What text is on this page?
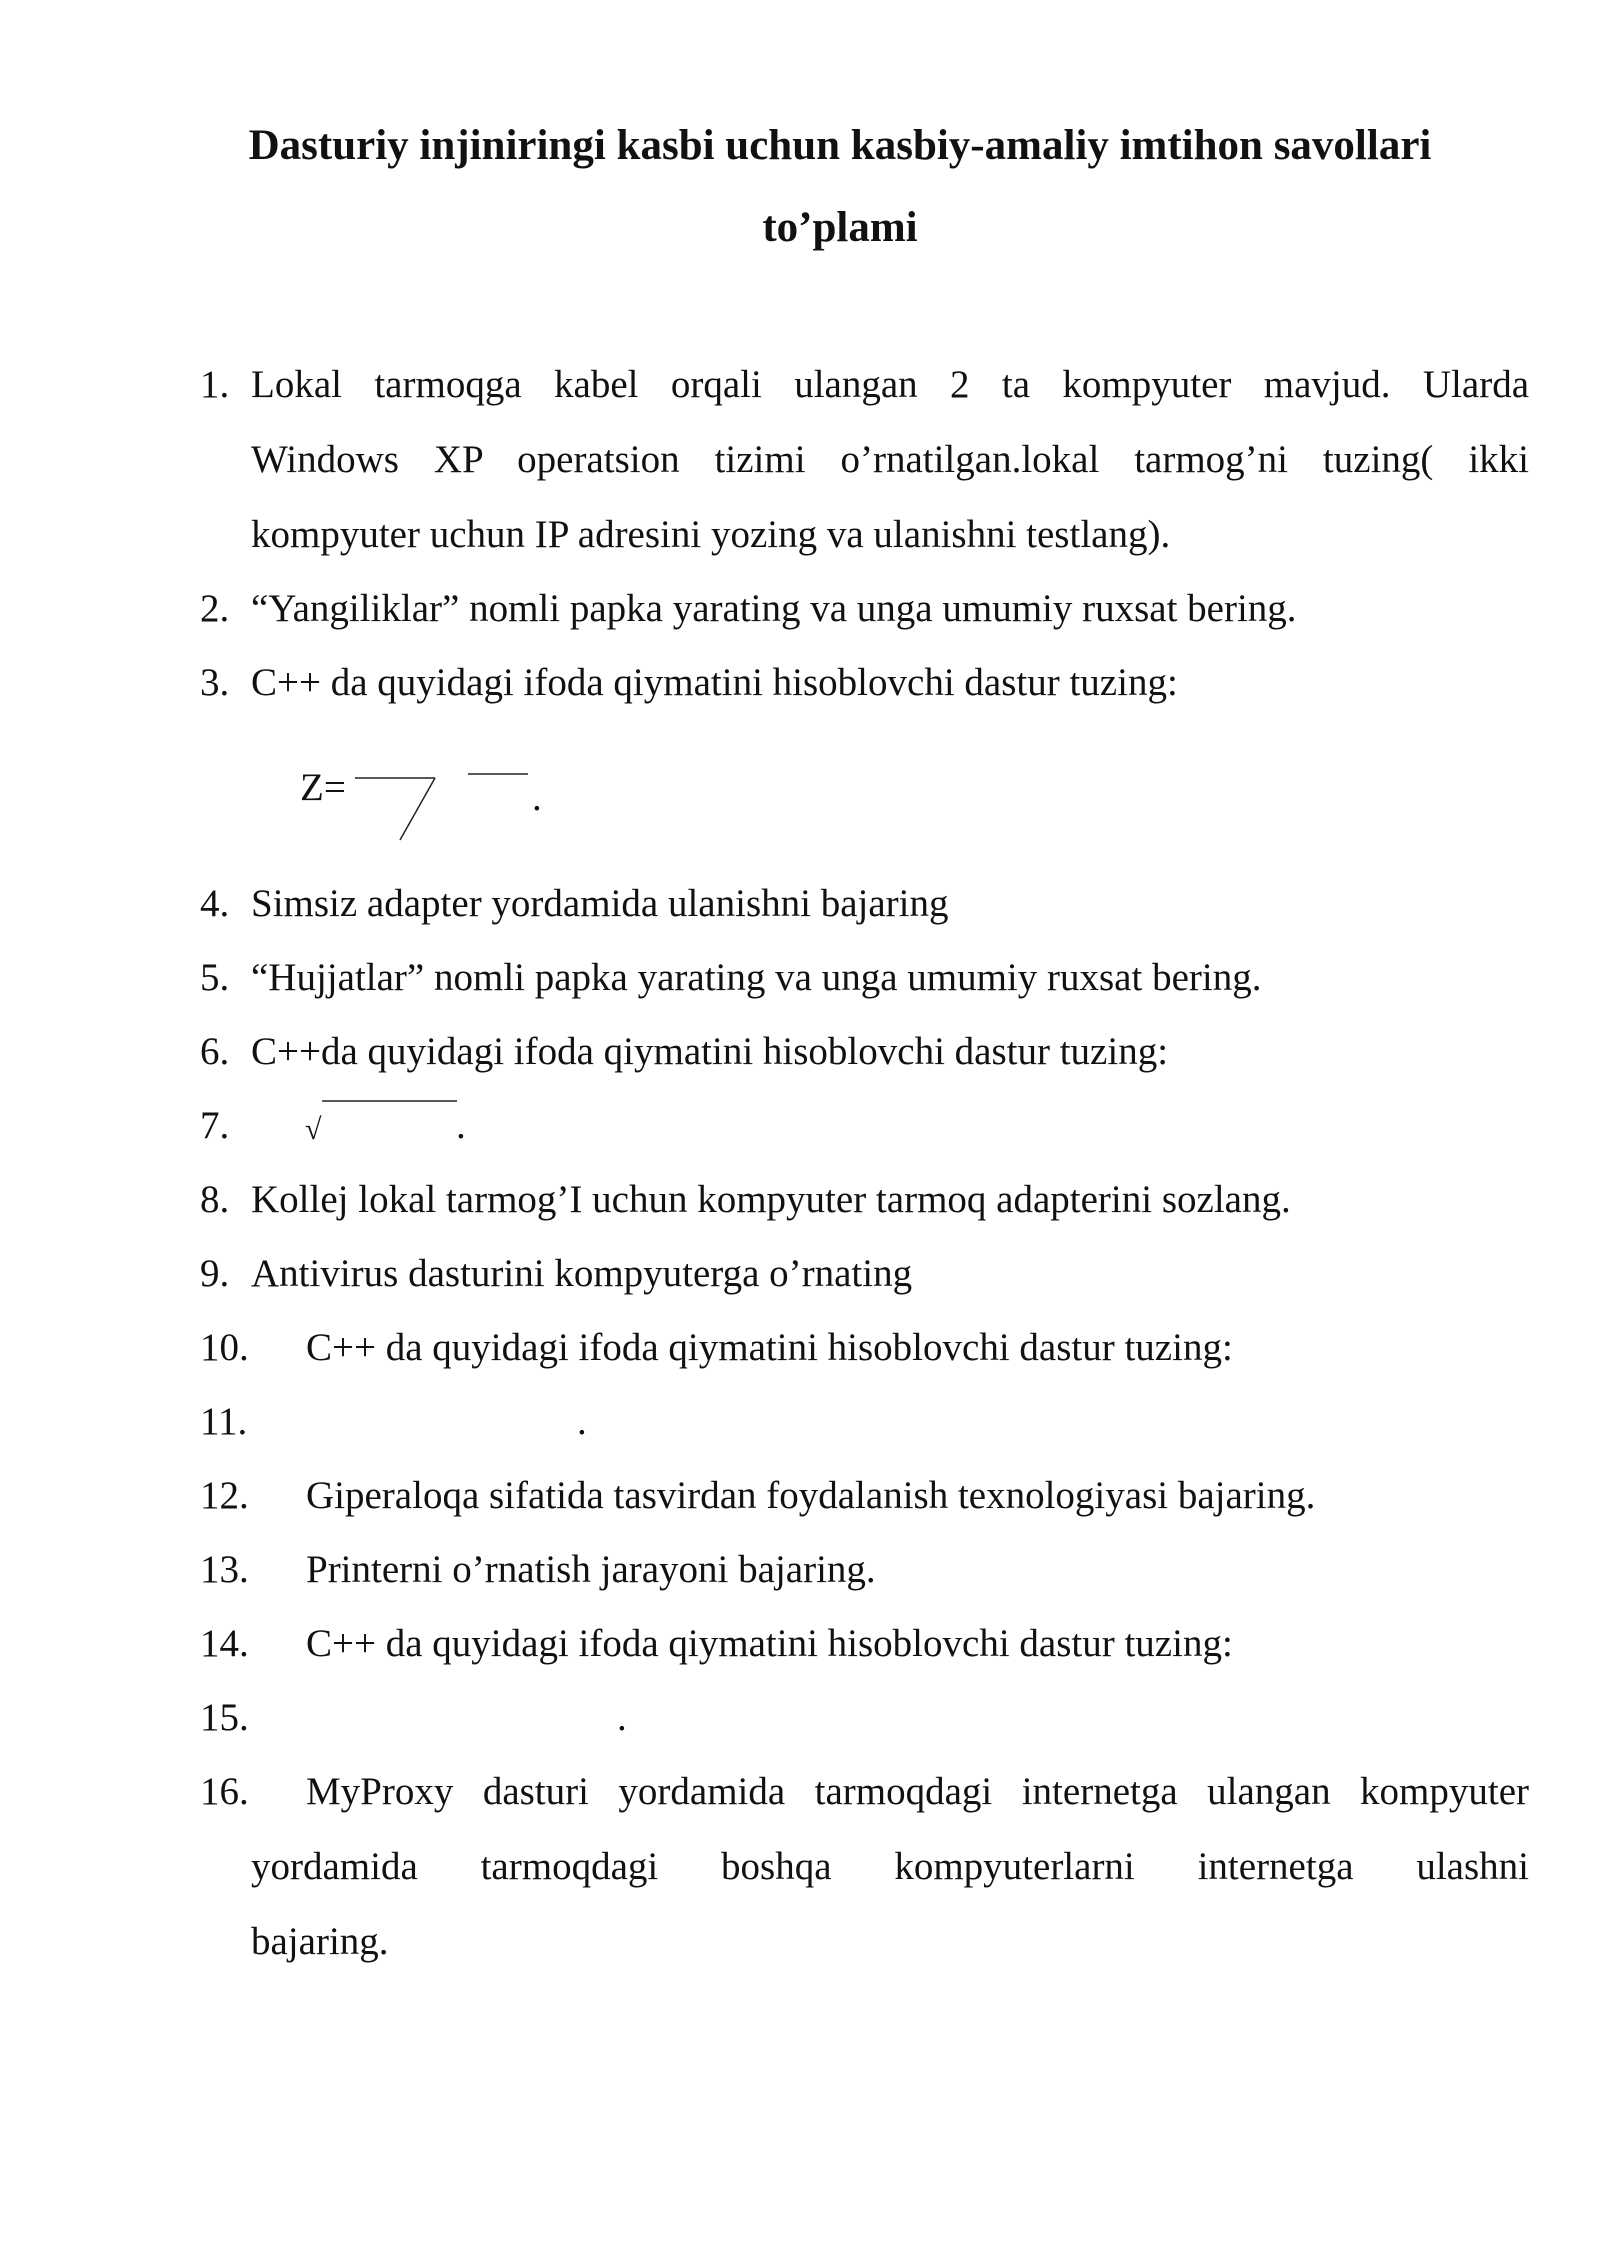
Dasturiy injiniringi kasbi uchun kasbiy-amaliy imtihon savollari
to’plami
1. Lokal tarmoqga kabel orqali ulangan 2 ta kompyuter mavjud. Ularda
Windows XP operatsion tizimi o’rnatilgan.lokal tarmog’ni tuzing( ikki
kompyuter uchun IP adresini yozing va ulanishni testlang).
2. “Yangiliklar” nomli papka yarating va unga umumiy ruxsat bering.
3. C++ da quyidagi ifoda qiymatini hisoblovchi dastur tuzing:
Z=	.
4. Simsiz adapter yordamida ulanishni bajaring
5. “Hujjatlar” nomli papka yarating va unga umumiy ruxsat bering.
6. C++da quyidagi ifoda qiymatini hisoblovchi dastur tuzing:
7.	√	.
8. Kollej lokal tarmog’I uchun kompyuter tarmoq adapterini sozlang.
9. Antivirus dasturini kompyuterga o’rnating
10. C++ da quyidagi ifoda qiymatini hisoblovchi dastur tuzing:
11.	.
12. Giperaloqa sifatida tasvirdan foydalanish texnologiyasi bajaring.
13. Printerni o’rnatish jarayoni bajaring.
14. C++ da quyidagi ifoda qiymatini hisoblovchi dastur tuzing:
15.	.
16. MyProxy dasturi yordamida tarmoqdagi internetga ulangan kompyuter
yordamida tarmoqdagi boshqa kompyuterlarni internetga ulashni
bajaring.
